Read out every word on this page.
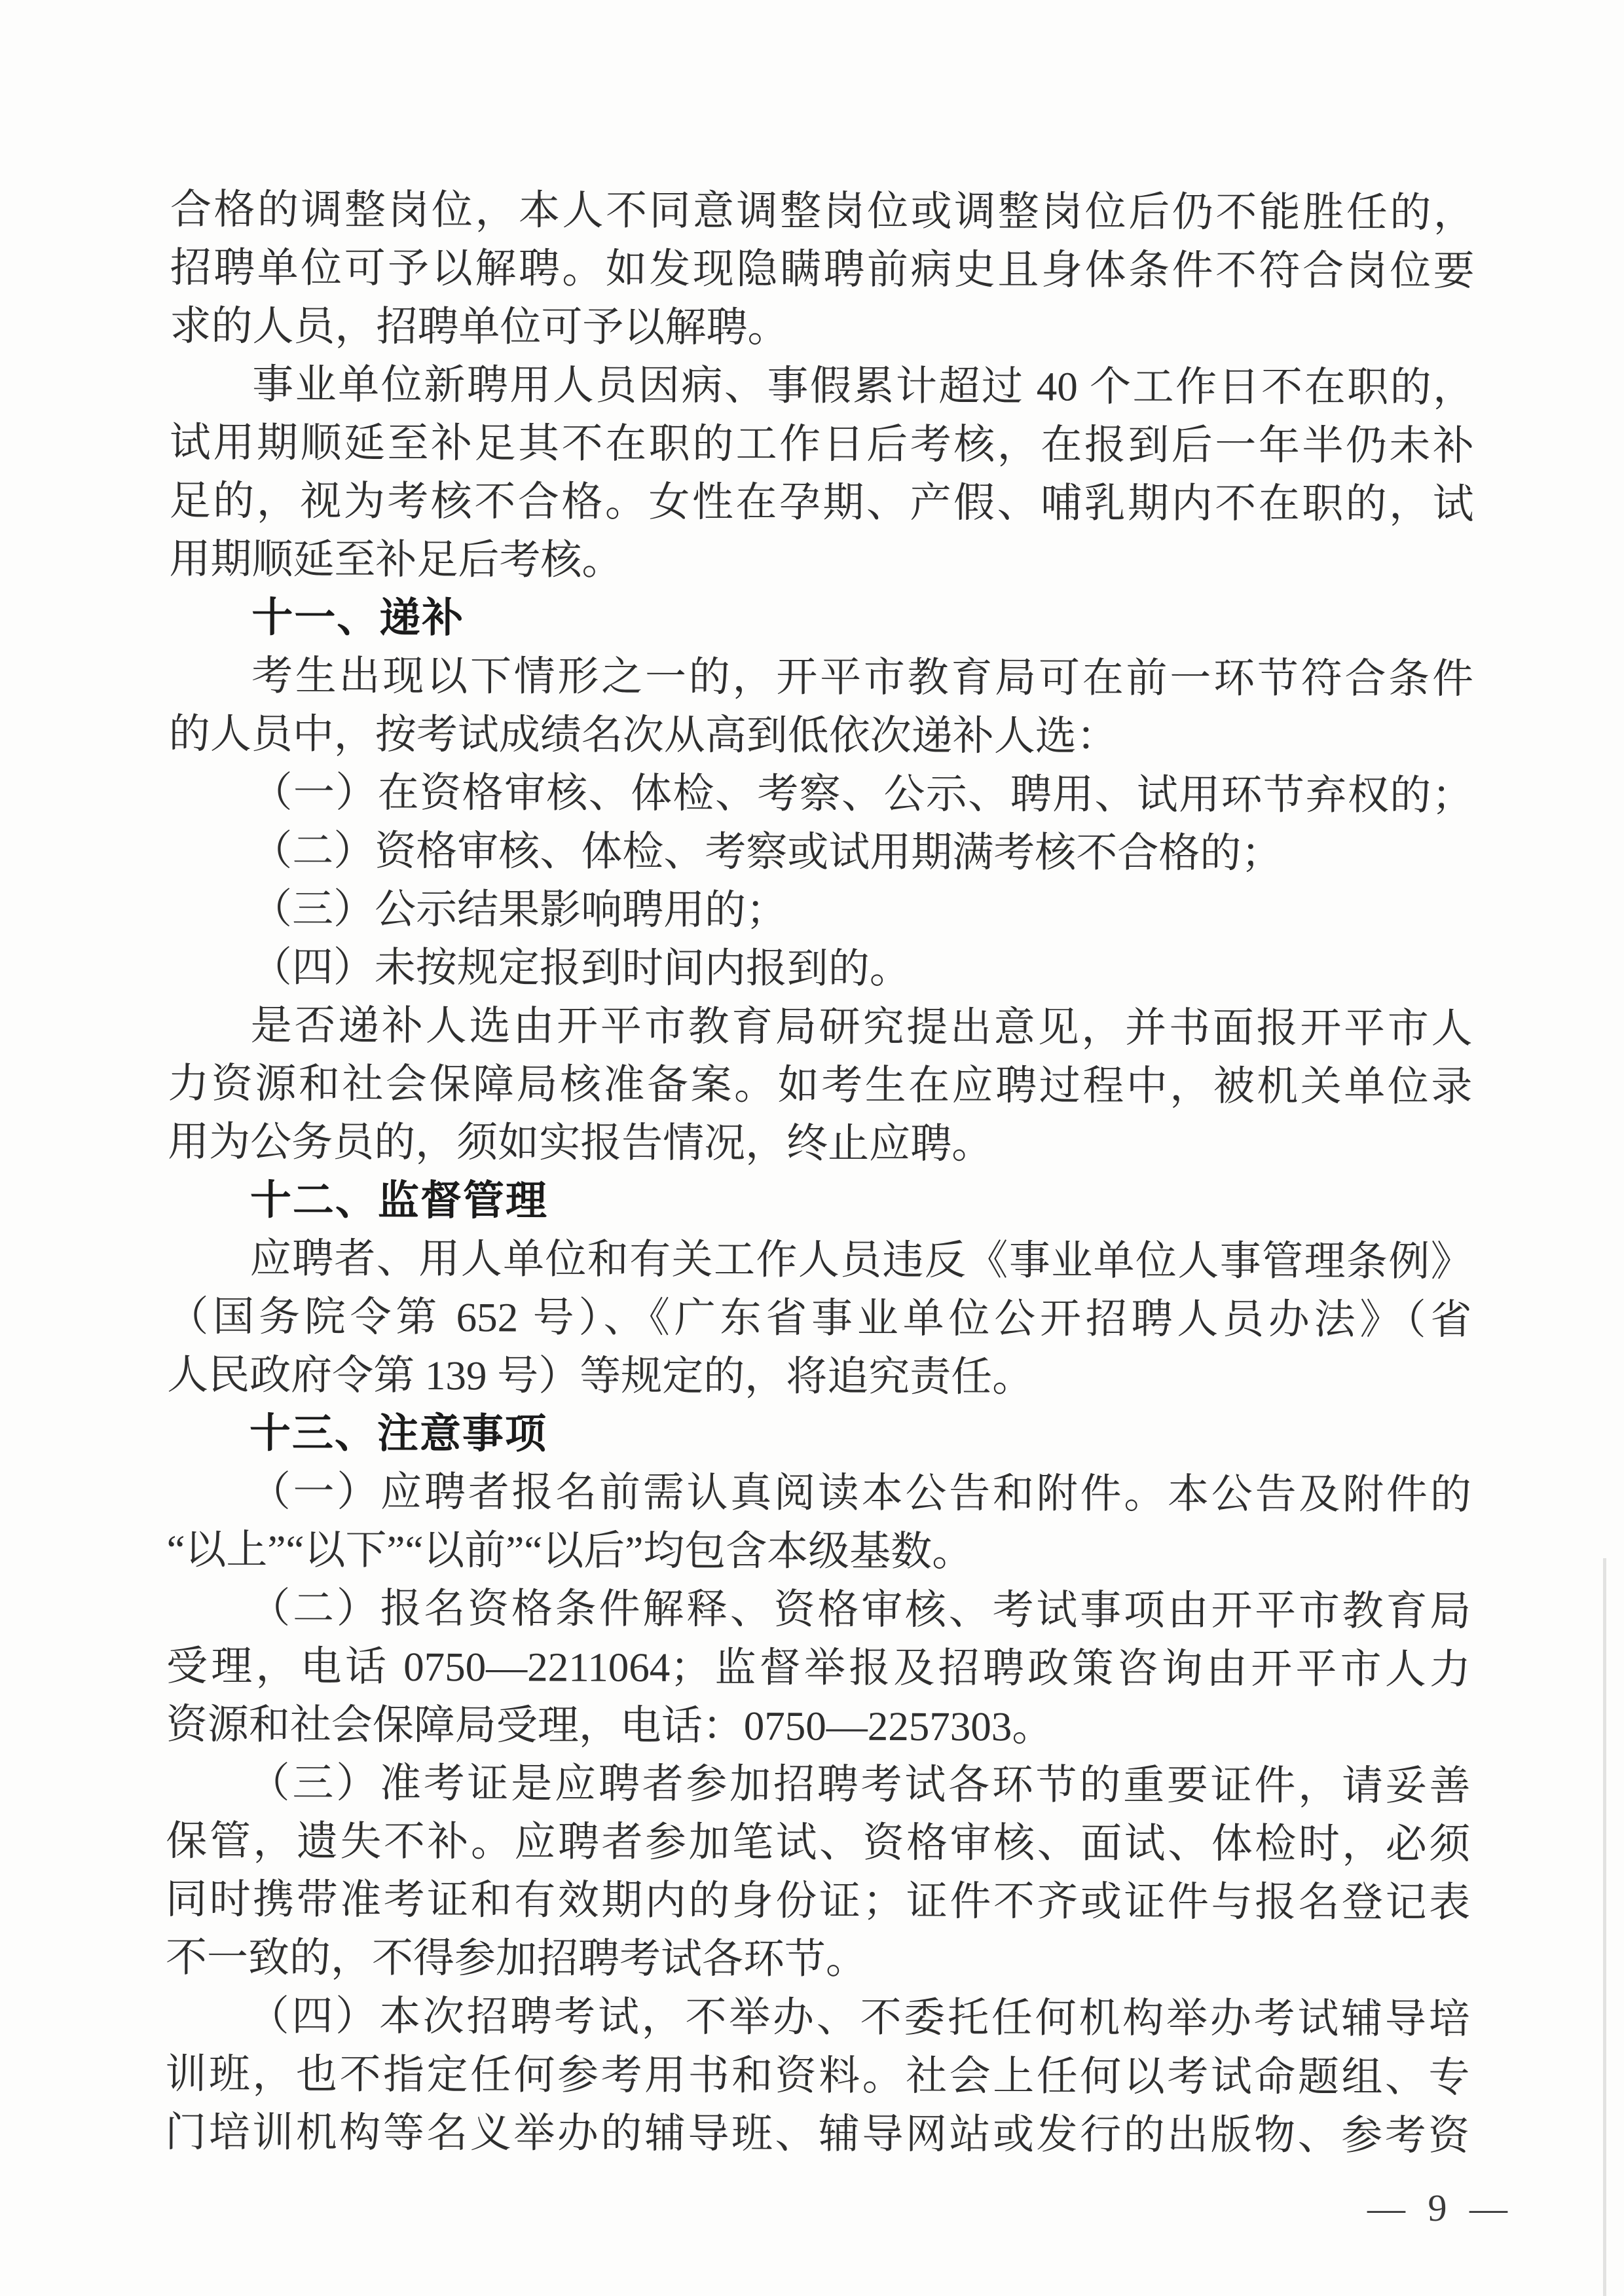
合格的调整岗位，本人不同意调整岗位或调整岗位后仍不能胜任的，
招聘单位可予以解聘。如发现隐瞒聘前病史且身体条件不符合岗位要
求的人员，招聘单位可予以解聘。
事业单位新聘用人员因病、事假累计超过 40 个工作日不在职的，
试用期顺延至补足其不在职的工作日后考核，在报到后一年半仍未补
足的，视为考核不合格。女性在孕期、产假、哺乳期内不在职的，试
用期顺延至补足后考核。
十一、递补
考生出现以下情形之一的，开平市教育局可在前一环节符合条件
的人员中，按考试成绩名次从高到低依次递补人选：
（一）在资格审核、体检、考察、公示、聘用、试用环节弃权的；
（二）资格审核、体检、考察或试用期满考核不合格的；
（三）公示结果影响聘用的；
（四）未按规定报到时间内报到的。
是否递补人选由开平市教育局研究提出意见，并书面报开平市人
力资源和社会保障局核准备案。如考生在应聘过程中，被机关单位录
用为公务员的，须如实报告情况，终止应聘。
十二、监督管理
应聘者、用人单位和有关工作人员违反《事业单位人事管理条例》
（国务院令第 652 号）、《广东省事业单位公开招聘人员办法》（省
人民政府令第 139 号）等规定的，将追究责任。
十三、注意事项
（一）应聘者报名前需认真阅读本公告和附件。本公告及附件的
“以上”“以下”“以前”“以后”均包含本级基数。
（二）报名资格条件解释、资格审核、考试事项由开平市教育局
受理，电话 0750—2211064；监督举报及招聘政策咨询由开平市人力
资源和社会保障局受理，电话：0750—2257303。
（三）准考证是应聘者参加招聘考试各环节的重要证件，请妥善
保管，遗失不补。应聘者参加笔试、资格审核、面试、体检时，必须
同时携带准考证和有效期内的身份证；证件不齐或证件与报名登记表
不一致的，不得参加招聘考试各环节。
（四）本次招聘考试，不举办、不委托任何机构举办考试辅导培
训班，也不指定任何参考用书和资料。社会上任何以考试命题组、专
门培训机构等名义举办的辅导班、辅导网站或发行的出版物、参考资
— 9 —
